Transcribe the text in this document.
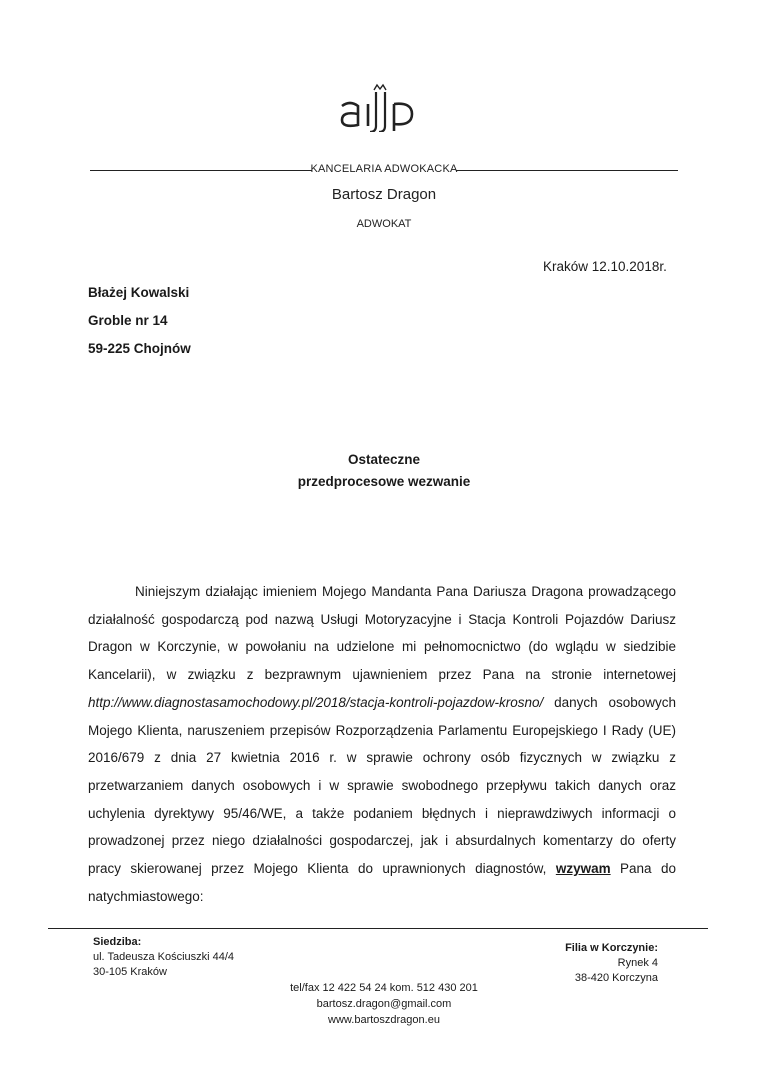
KANCELARIA ADWOKACKA
Bartosz Dragon
ADWOKAT
Kraków 12.10.2018r.
Błażej Kowalski
Groble nr 14
59-225 Chojnów
Ostateczne
przedprocesowe wezwanie

Niniejszym działając imieniem Mojego Mandanta Pana Dariusza Dragona prowadzącego działalność gospodarczą pod nazwą Usługi Motoryzacyjne i Stacja Kontroli Pojazdów Dariusz Dragon w Korczynie, w powołaniu na udzielone mi pełnomocnictwo (do wglądu w siedzibie Kancelarii), w związku z bezprawnym ujawnieniem przez Pana na stronie internetowej http://www.diagnostasamochodowy.pl/2018/stacja-kontroli-pojazdow-krosno/ danych osobowych Mojego Klienta, naruszeniem przepisów Rozporządzenia Parlamentu Europejskiego I Rady (UE) 2016/679 z dnia 27 kwietnia 2016 r. w sprawie ochrony osób fizycznych w związku z przetwarzaniem danych osobowych i w sprawie swobodnego przepływu takich danych oraz uchylenia dyrektywy 95/46/WE, a także podaniem błędnych i nieprawdziwych informacji o prowadzonej przez niego działalności gospodarczej, jak i absurdalnych komentarzy do oferty pracy skierowanej przez Mojego Klienta do uprawnionych diagnostów, wzywam Pana do natychmiastowego:

Siedziba:
ul. Tadeusza Kościuszki 44/4
30-105 Kraków
Filia w Korczynie:
Rynek 4
38-420 Korczyna
tel/fax 12 422 54 24 kom. 512 430 201
bartosz.dragon@gmail.com
www.bartoszdragon.eu
